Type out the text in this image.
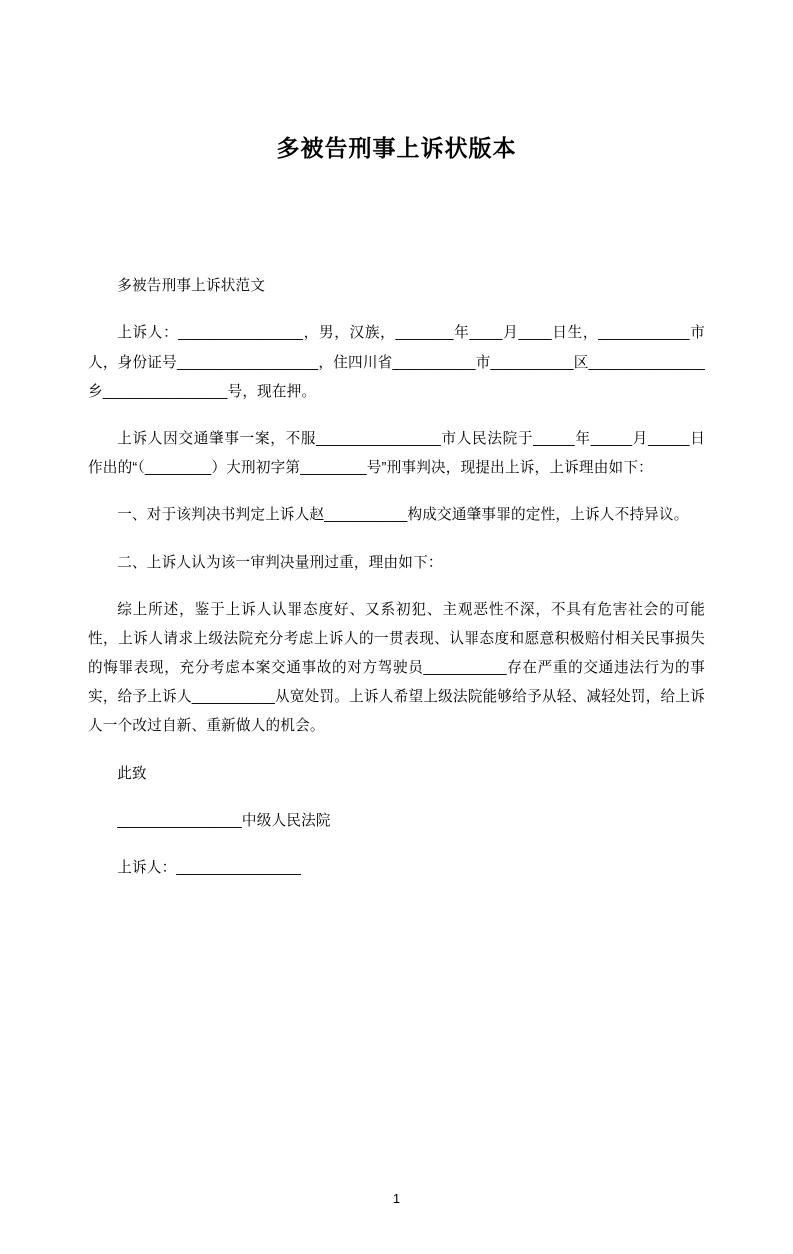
多被告刑事上诉状版本

多被告刑事上诉状范文

上诉人：_______________，男，汉族，_______年____月____日生，___________市人，身份证号_________________，住四川省__________市__________区______________乡_______________号，现在押。

上诉人因交通肇事一案，不服_______________市人民法院于_____年_____月_____日作出的“（________）大刑初字第________号”刑事判决，现提出上诉，上诉理由如下：

一、对于该判决书判定上诉人赵__________构成交通肇事罪的定性，上诉人不持异议。

二、上诉人认为该一审判决量刑过重，理由如下：

综上所述，鉴于上诉人认罪态度好、又系初犯、主观恶性不深，不具有危害社会的可能性，上诉人请求上级法院充分考虑上诉人的一贯表现、认罪态度和愿意积极赔付相关民事损失的悔罪表现，充分考虑本案交通事故的对方驾驶员__________存在严重的交通违法行为的事实，给予上诉人__________从宽处罚。上诉人希望上级法院能够给予从轻、减轻处罚，给上诉人一个改过自新、重新做人的机会。

此致

_______________中级人民法院

上诉人：_______________

1
